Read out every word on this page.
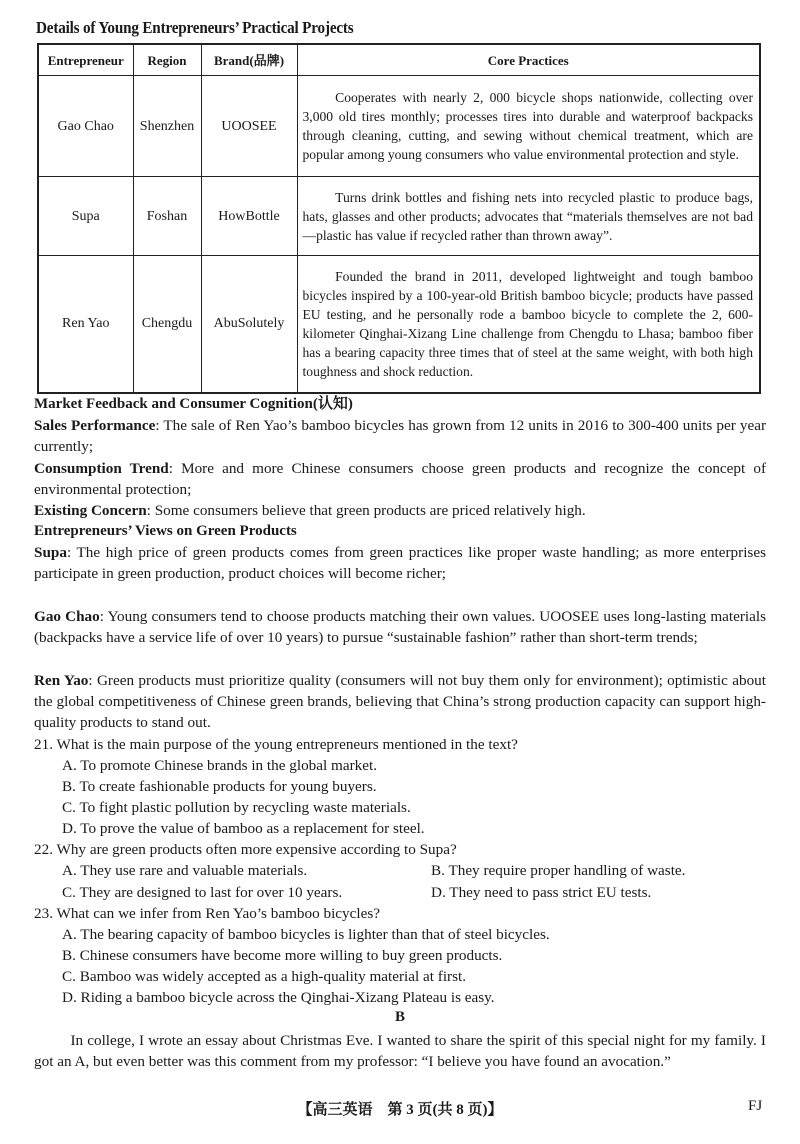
Details of Young Entrepreneurs’ Practical Projects
Entrepreneur	Region	Brand(品牌)	Core Practices
Gao Chao	Shenzhen	UOOSEE	Cooperates with nearly 2, 000 bicycle shops nationwide, collecting over 3,000 old tires monthly; processes tires into durable and waterproof backpacks through cleaning, cutting, and sewing without chemical treatment, which are popular among young consumers who value environmental protection and style.
Supa	Foshan	HowBottle	Turns drink bottles and fishing nets into recycled plastic to produce bags, hats, glasses and other products; advocates that “materials themselves are not bad—plastic has value if recycled rather than thrown away”.
Ren Yao	Chengdu	AbuSolutely	Founded the brand in 2011, developed lightweight and tough bamboo bicycles inspired by a 100-year-old British bamboo bicycle; products have passed EU testing, and he personally rode a bamboo bicycle to complete the 2, 600-kilometer Qinghai-Xizang Line challenge from Chengdu to Lhasa; bamboo fiber has a bearing capacity three times that of steel at the same weight, with both high toughness and shock reduction.
Market Feedback and Consumer Cognition(认知)
Sales Performance: The sale of Ren Yao’s bamboo bicycles has grown from 12 units in 2016 to 300-400 units per year currently;
Consumption Trend: More and more Chinese consumers choose green products and recognize the concept of environmental protection;
Existing Concern: Some consumers believe that green products are priced relatively high.
Entrepreneurs’ Views on Green Products
Supa: The high price of green products comes from green practices like proper waste handling; as more enterprises participate in green production, product choices will become richer;
Gao Chao: Young consumers tend to choose products matching their own values. UOOSEE uses long-lasting materials (backpacks have a service life of over 10 years) to pursue “sustainable fashion” rather than short-term trends;
Ren Yao: Green products must prioritize quality (consumers will not buy them only for environment); optimistic about the global competitiveness of Chinese green brands, believing that China’s strong production capacity can support high-quality products to stand out.
21. What is the main purpose of the young entrepreneurs mentioned in the text?
A. To promote Chinese brands in the global market.
B. To create fashionable products for young buyers.
C. To fight plastic pollution by recycling waste materials.
D. To prove the value of bamboo as a replacement for steel.
22. Why are green products often more expensive according to Supa?
A. They use rare and valuable materials.	B. They require proper handling of waste.
C. They are designed to last for over 10 years.	D. They need to pass strict EU tests.
23. What can we infer from Ren Yao’s bamboo bicycles?
A. The bearing capacity of bamboo bicycles is lighter than that of steel bicycles.
B. Chinese consumers have become more willing to buy green products.
C. Bamboo was widely accepted as a high-quality material at first.
D. Riding a bamboo bicycle across the Qinghai-Xizang Plateau is easy.
B
In college, I wrote an essay about Christmas Eve. I wanted to share the spirit of this special night for my family. I got an A, but even better was this comment from my professor: “I believe you have found an avocation.”
【高三英语　第 3 页(共 8 页)】	FJ
